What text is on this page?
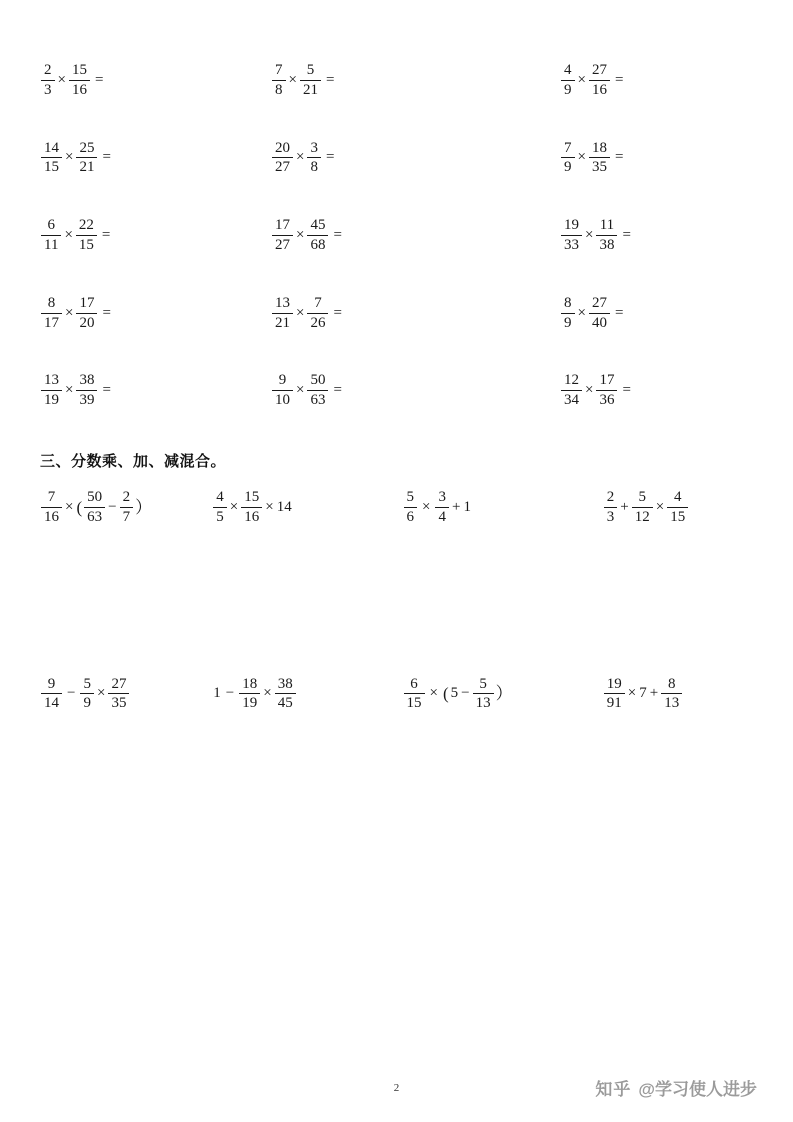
$\frac{2}{3} \times \frac{15}{16}$ =	$\frac{7}{8} \times \frac{5}{21}$ =	$\frac{4}{9} \times \frac{27}{16}$ =
$\frac{14}{15} \times \frac{25}{21}$ =	$\frac{20}{27} \times \frac{3}{8}$ =	$\frac{7}{9} \times \frac{18}{35}$ =
$\frac{6}{11} \times \frac{22}{15}$ =	$\frac{17}{27} \times \frac{45}{68}$ =	$\frac{19}{33} \times \frac{11}{38}$ =
$\frac{8}{17} \times \frac{17}{20}$ =	$\frac{13}{21} \times \frac{7}{26}$ =	$\frac{8}{9} \times \frac{27}{40}$ =
$\frac{13}{19} \times \frac{38}{39}$ =	$\frac{9}{10} \times \frac{50}{63}$ =	$\frac{12}{34} \times \frac{17}{36}$ =
三、分数乘、加、减混合。
$\frac{7}{16}$ × ( $\frac{50}{63} - \frac{2}{7}$ ）	$\frac{4}{5} \times \frac{15}{16} \times 14$	$\frac{5}{6} \times \frac{3}{4} + 1$	$\frac{2}{3} + \frac{5}{12} \times \frac{4}{15}$
$\frac{9}{14} - \frac{5}{9} \times \frac{27}{35}$	$1 - \frac{18}{19} \times \frac{38}{45}$	$\frac{6}{15}$ × ( $5 - \frac{5}{13}$ ）	$\frac{19}{91} \times 7 + \frac{8}{13}$
2	知乎 @学习使人进步
